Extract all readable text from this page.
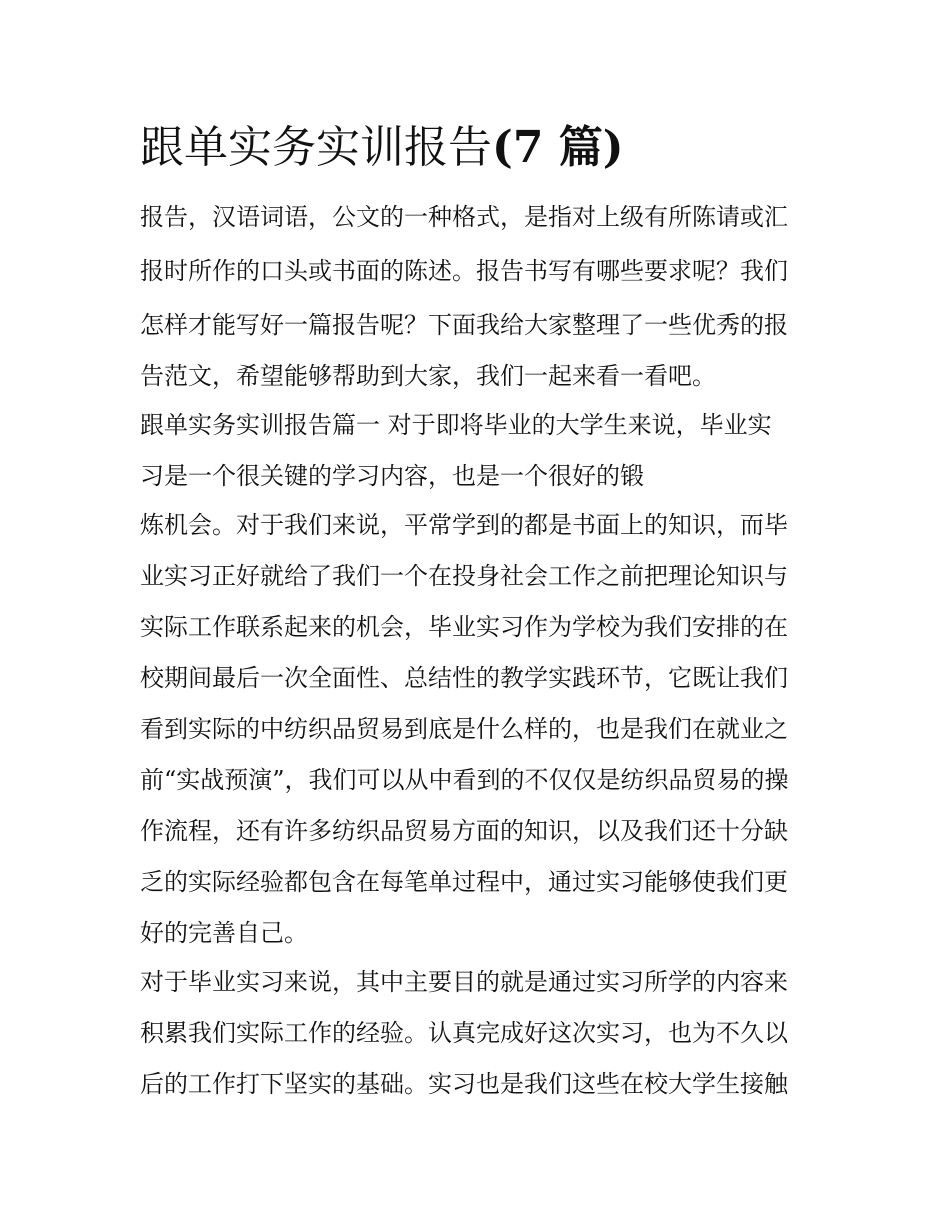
跟单实务实训报告(7 篇)
报告，汉语词语，公文的一种格式，是指对上级有所陈请或汇
报时所作的口头或书面的陈述。报告书写有哪些要求呢？我们
怎样才能写好一篇报告呢？下面我给大家整理了一些优秀的报
告范文，希望能够帮助到大家，我们一起来看一看吧。
跟单实务实训报告篇一 对于即将毕业的大学生来说，毕业实
习是一个很关键的学习内容，也是一个很好的锻
炼机会。对于我们来说，平常学到的都是书面上的知识，而毕
业实习正好就给了我们一个在投身社会工作之前把理论知识与
实际工作联系起来的机会，毕业实习作为学校为我们安排的在
校期间最后一次全面性、总结性的教学实践环节，它既让我们
看到实际的中纺织品贸易到底是什么样的，也是我们在就业之
前“实战预演”，我们可以从中看到的不仅仅是纺织品贸易的操
作流程，还有许多纺织品贸易方面的知识，以及我们还十分缺
乏的实际经验都包含在每笔单过程中，通过实习能够使我们更
好的完善自己。
对于毕业实习来说，其中主要目的就是通过实习所学的内容来
积累我们实际工作的经验。认真完成好这次实习，也为不久以
后的工作打下坚实的基础。实习也是我们这些在校大学生接触
